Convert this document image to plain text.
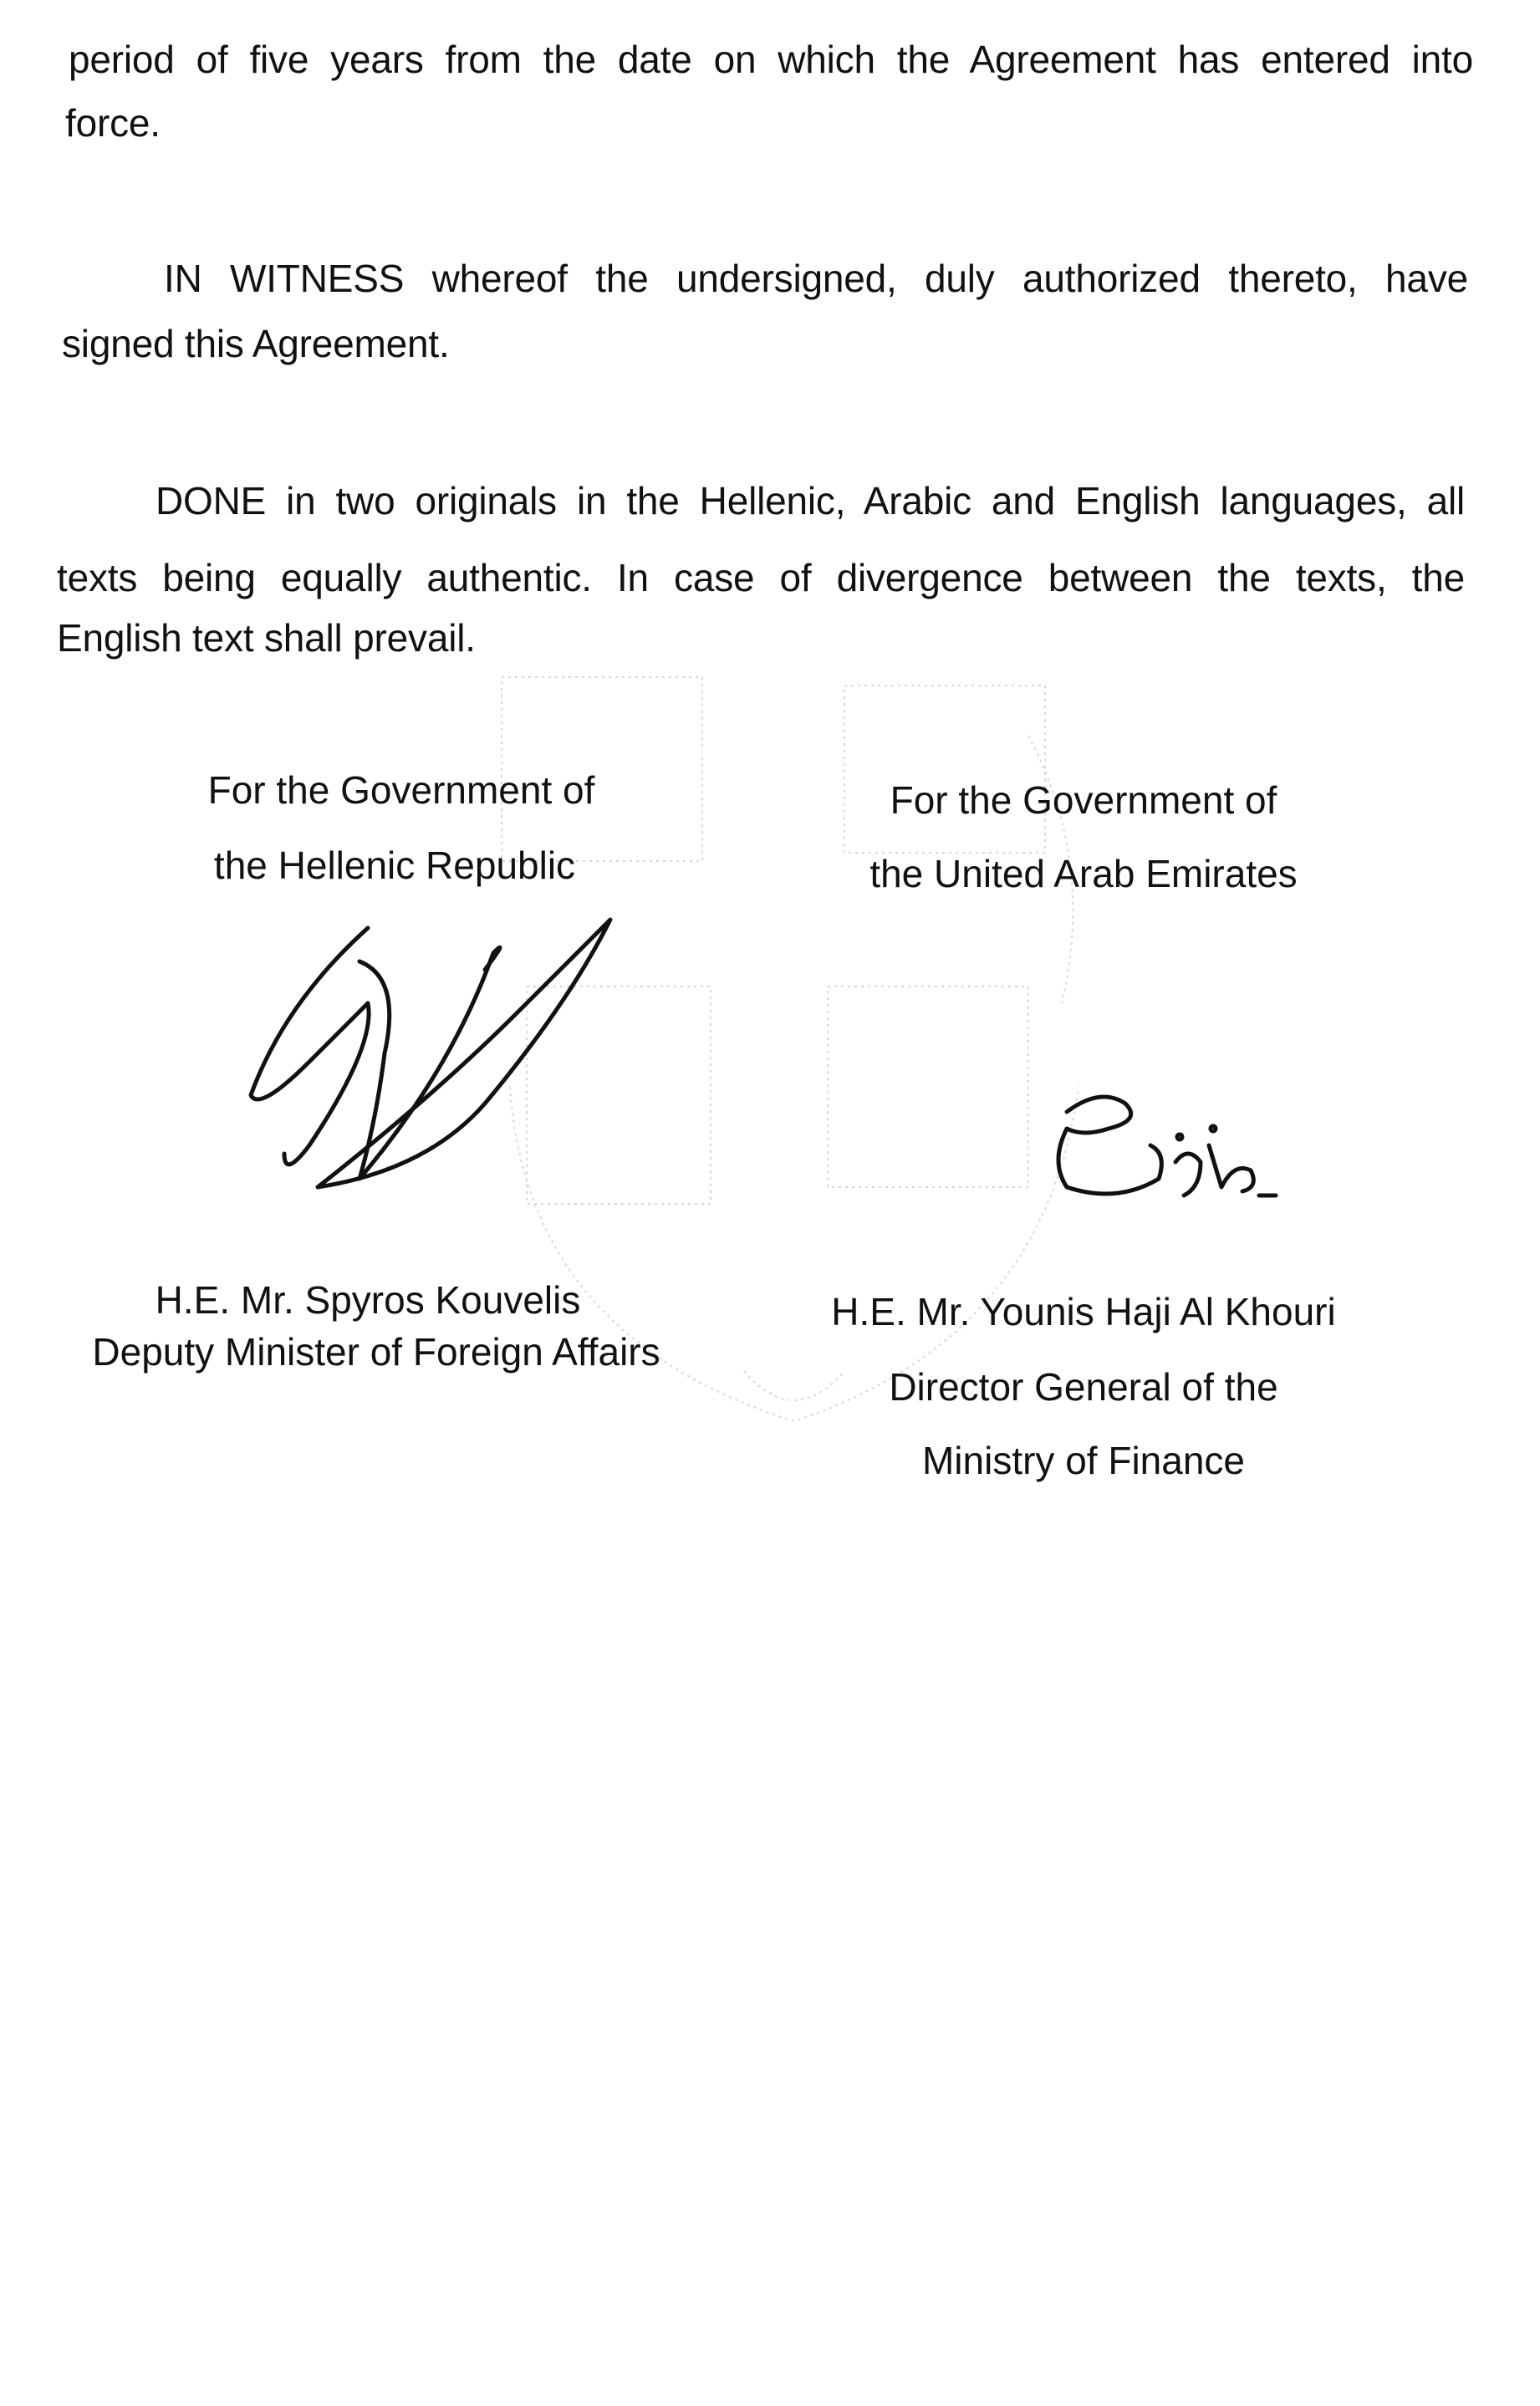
period of five years from the date on which the Agreement has entered into
force.
IN WITNESS whereof the undersigned, duly authorized thereto, have
signed this Agreement.
DONE in two originals in the Hellenic, Arabic and English languages, all
texts being equally authentic. In case of divergence between the texts, the
English text shall prevail.
For the Government of
the Hellenic Republic
For the Government of
the United Arab Emirates
H.E. Mr. Spyros Kouvelis
Deputy Minister of Foreign Affairs
H.E. Mr. Younis Haji Al Khouri
Director General of the
Ministry of Finance
